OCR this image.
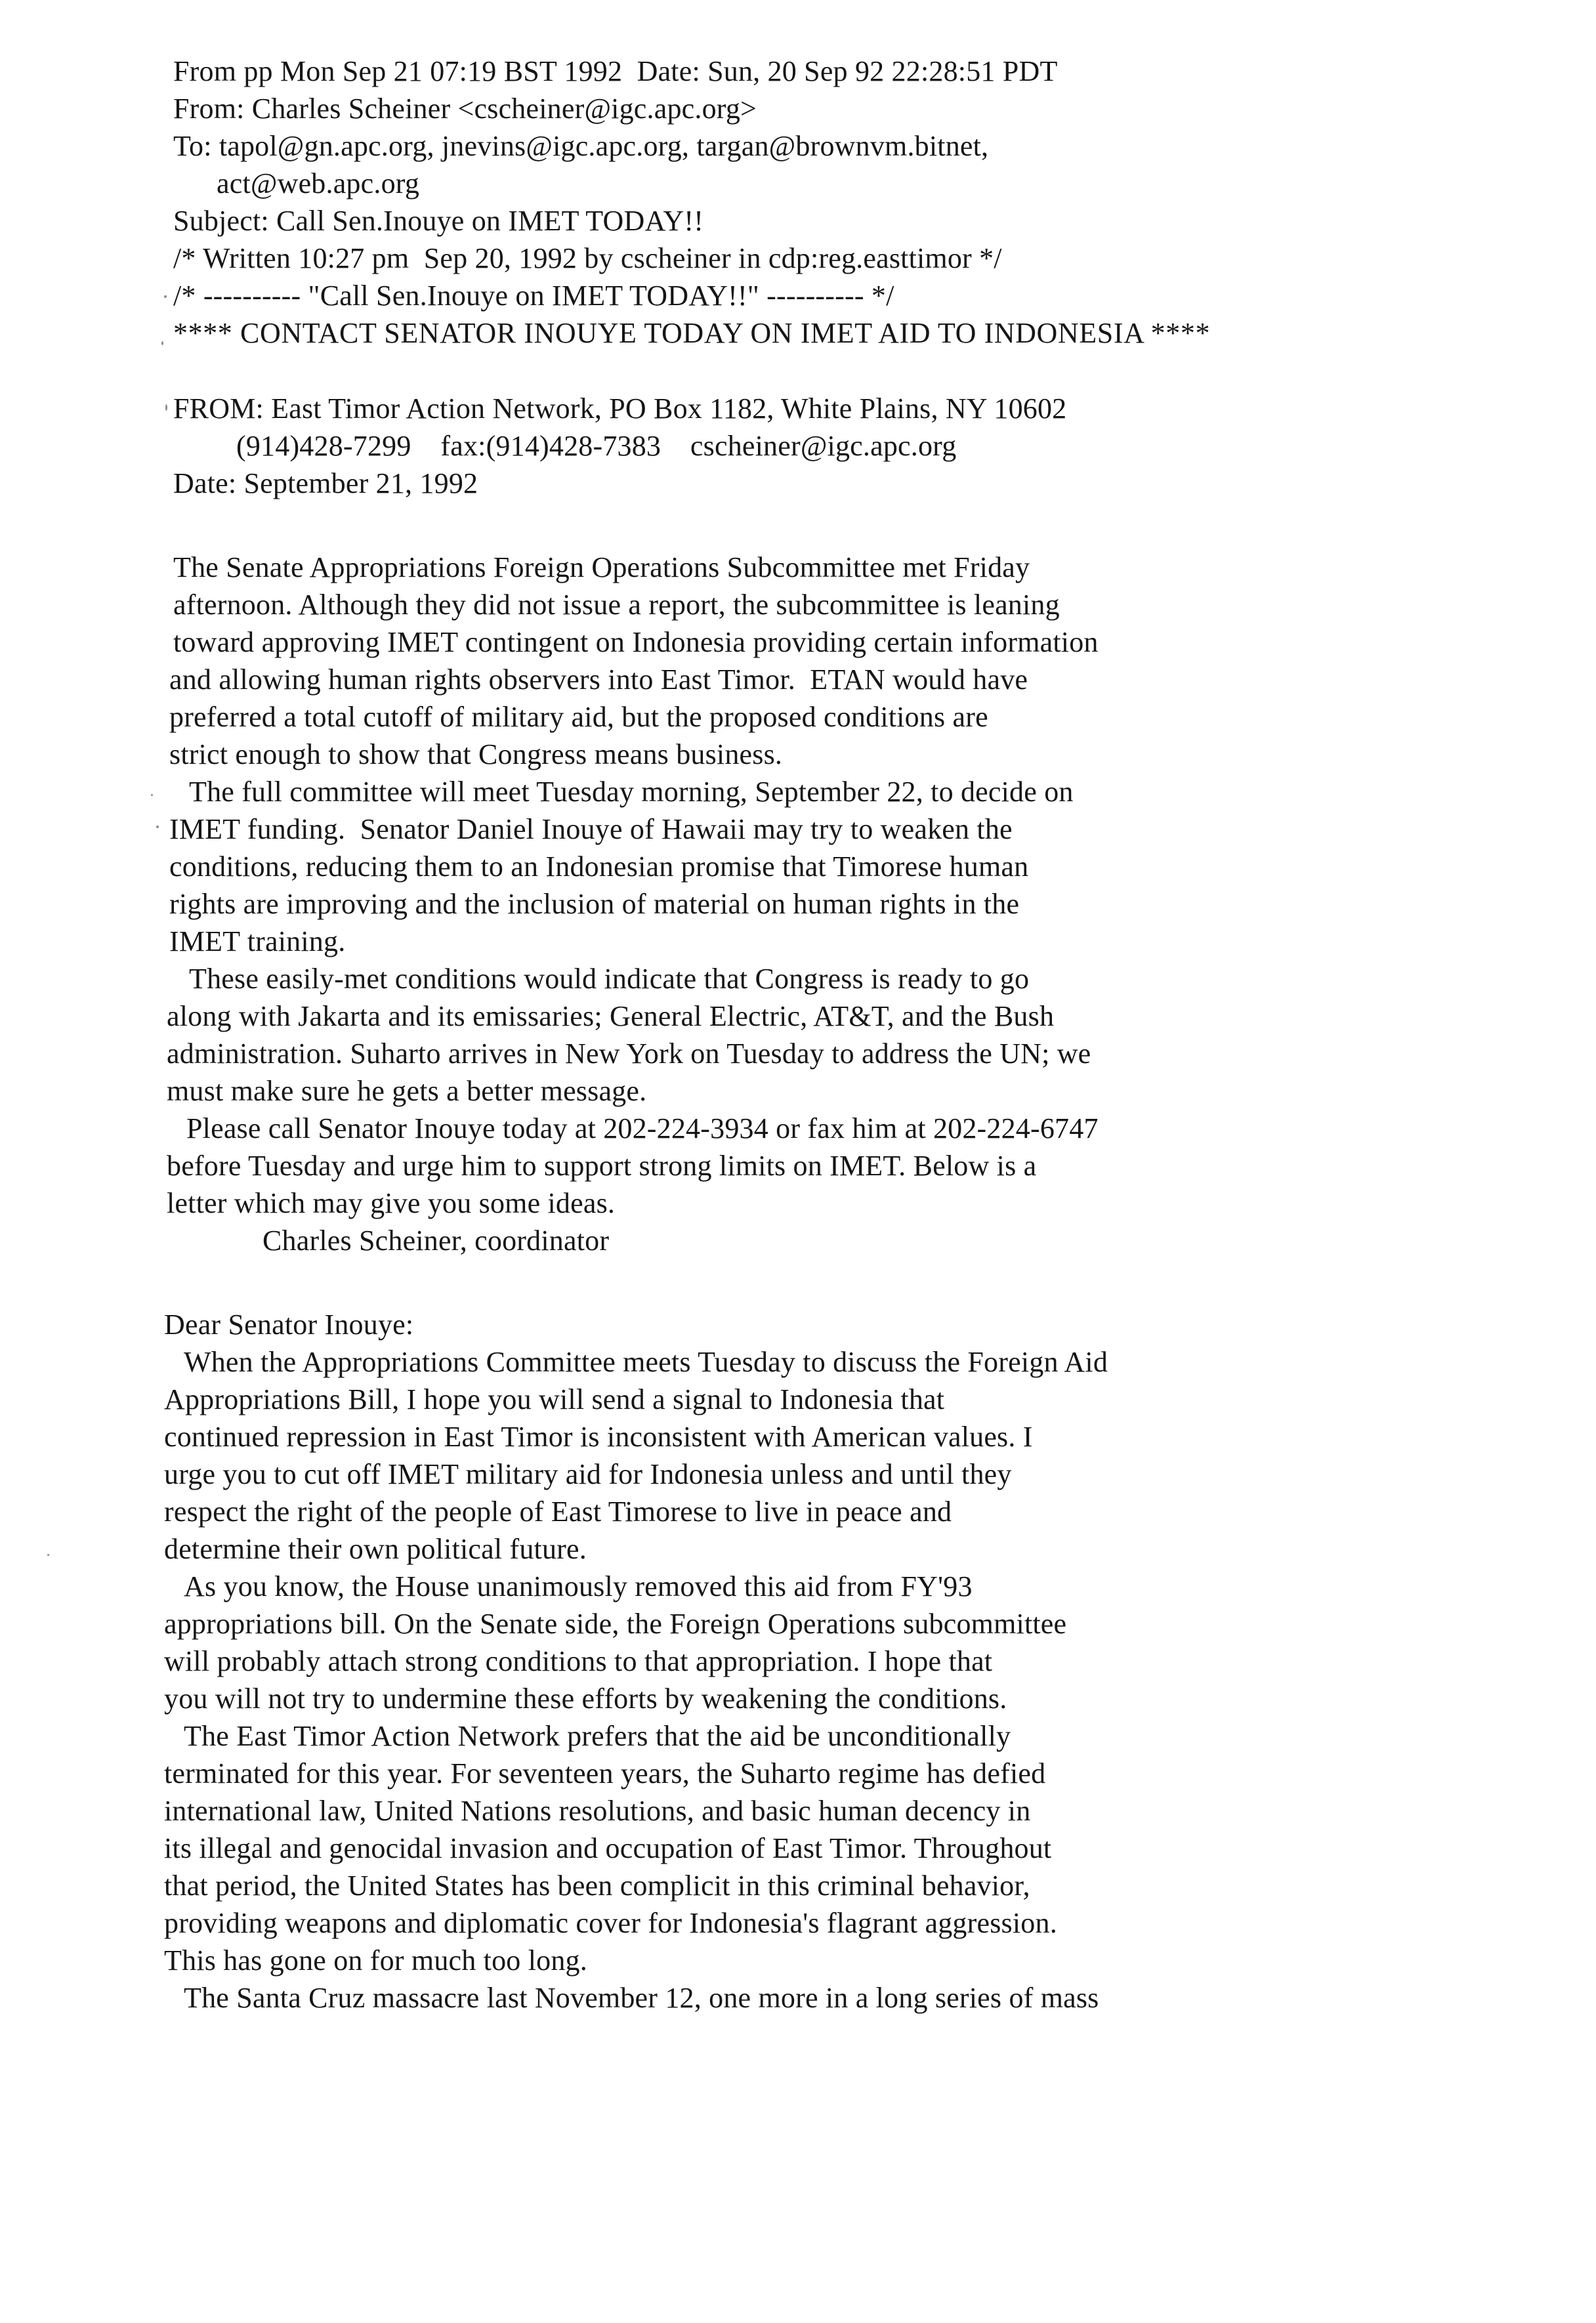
From pp Mon Sep 21 07:19 BST 1992  Date: Sun, 20 Sep 92 22:28:51 PDT
From: Charles Scheiner <cscheiner@igc.apc.org>
To: tapol@gn.apc.org, jnevins@igc.apc.org, targan@brownvm.bitnet,
act@web.apc.org
Subject: Call Sen.Inouye on IMET TODAY!!
/* Written 10:27 pm  Sep 20, 1992 by cscheiner in cdp:reg.easttimor */
/* ---------- "Call Sen.Inouye on IMET TODAY!!" ---------- */
**** CONTACT SENATOR INOUYE TODAY ON IMET AID TO INDONESIA ****
FROM: East Timor Action Network, PO Box 1182, White Plains, NY 10602
(914)428-7299    fax:(914)428-7383    cscheiner@igc.apc.org
Date: September 21, 1992
The Senate Appropriations Foreign Operations Subcommittee met Friday
afternoon. Although they did not issue a report, the subcommittee is leaning
toward approving IMET contingent on Indonesia providing certain information
and allowing human rights observers into East Timor.  ETAN would have
preferred a total cutoff of military aid, but the proposed conditions are
strict enough to show that Congress means business.
The full committee will meet Tuesday morning, September 22, to decide on
IMET funding.  Senator Daniel Inouye of Hawaii may try to weaken the
conditions, reducing them to an Indonesian promise that Timorese human
rights are improving and the inclusion of material on human rights in the
IMET training.
These easily-met conditions would indicate that Congress is ready to go
along with Jakarta and its emissaries; General Electric, AT&T, and the Bush
administration. Suharto arrives in New York on Tuesday to address the UN; we
must make sure he gets a better message.
Please call Senator Inouye today at 202-224-3934 or fax him at 202-224-6747
before Tuesday and urge him to support strong limits on IMET. Below is a
letter which may give you some ideas.
Charles Scheiner, coordinator
Dear Senator Inouye:
When the Appropriations Committee meets Tuesday to discuss the Foreign Aid
Appropriations Bill, I hope you will send a signal to Indonesia that
continued repression in East Timor is inconsistent with American values. I
urge you to cut off IMET military aid for Indonesia unless and until they
respect the right of the people of East Timorese to live in peace and
determine their own political future.
As you know, the House unanimously removed this aid from FY'93
appropriations bill. On the Senate side, the Foreign Operations subcommittee
will probably attach strong conditions to that appropriation. I hope that
you will not try to undermine these efforts by weakening the conditions.
The East Timor Action Network prefers that the aid be unconditionally
terminated for this year. For seventeen years, the Suharto regime has defied
international law, United Nations resolutions, and basic human decency in
its illegal and genocidal invasion and occupation of East Timor. Throughout
that period, the United States has been complicit in this criminal behavior,
providing weapons and diplomatic cover for Indonesia's flagrant aggression.
This has gone on for much too long.
The Santa Cruz massacre last November 12, one more in a long series of mass
